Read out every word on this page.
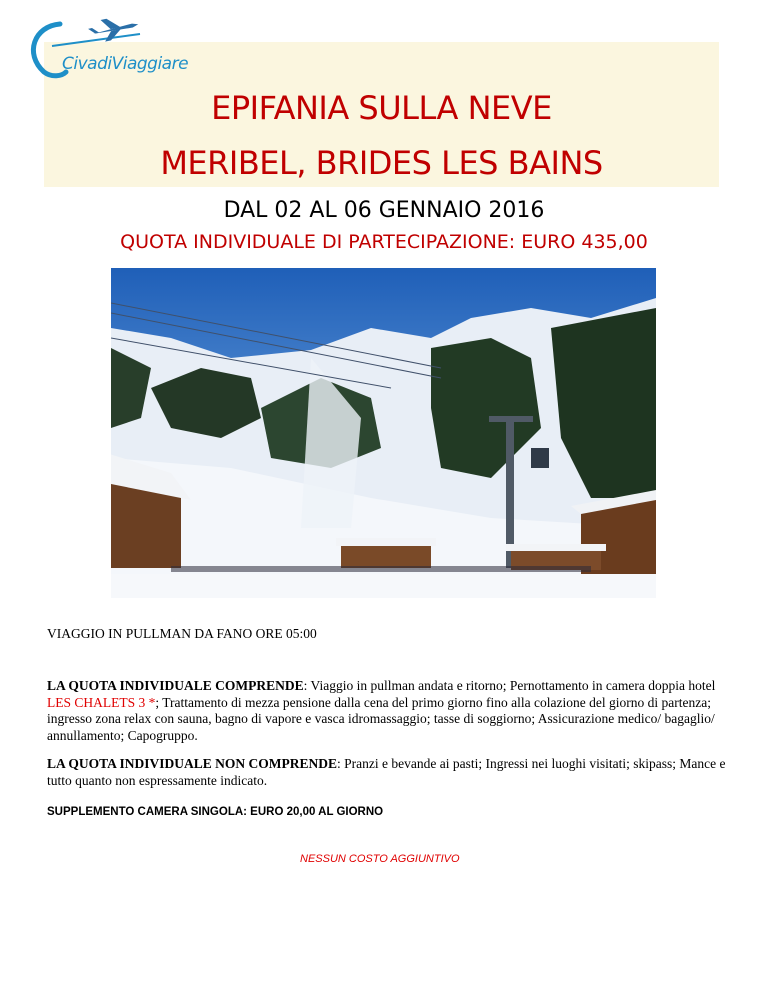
EPIFANIA SULLA NEVE
MERIBEL, BRIDES LES BAINS
CivadiViaggiare
DAL 02 AL 06 GENNAIO 2016
QUOTA INDIVIDUALE DI PARTECIPAZIONE: EURO 435,00
VIAGGIO IN PULLMAN DA FANO ORE 05:00
LA QUOTA INDIVIDUALE COMPRENDE: Viaggio in pullman andata e ritorno; Pernottamento in camera doppia hotel LES CHALETS 3 *; Trattamento di mezza pensione dalla cena del primo giorno fino alla colazione del giorno di partenza; ingresso zona relax con sauna, bagno di vapore e vasca idromassaggio; tasse di soggiorno; Assicurazione medico/ bagaglio/ annullamento; Capogruppo.
LA QUOTA INDIVIDUALE NON COMPRENDE: Pranzi e bevande ai pasti; Ingressi nei luoghi visitati; skipass; Mance e tutto quanto non espressamente indicato.
SUPPLEMENTO CAMERA SINGOLA: EURO 20,00 AL GIORNO
NESSUN COSTO AGGIUNTIVO
